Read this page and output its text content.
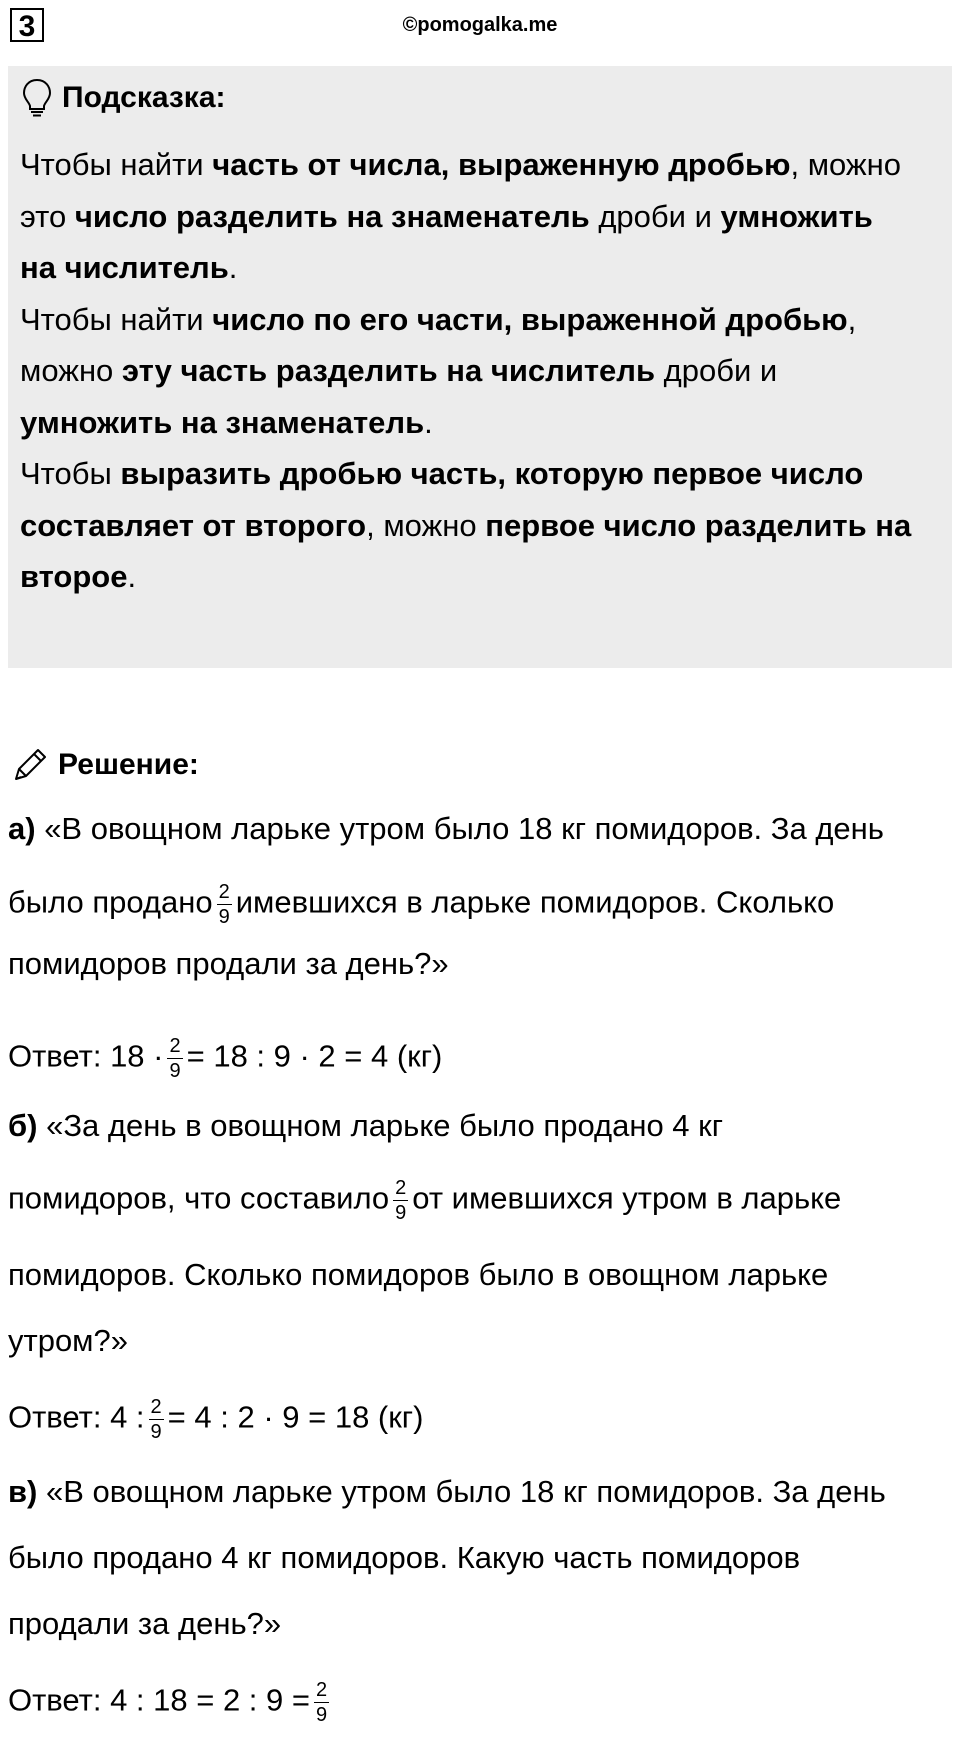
3	©pomogalka.me
Подсказка:
Чтобы найти часть от числа, выраженную дробью, можно
это число разделить на знаменатель дроби и умножить
на числитель.
Чтобы найти число по его части, выраженной дробью,
можно эту часть разделить на числитель дроби и
умножить на знаменатель.
Чтобы выразить дробью часть, которую первое число
составляет от второго, можно первое число разделить на
второе.
Решение:
а) «В овощном ларьке утром было 18 кг помидоров. За день
было продано $\frac{2}{9}$ имевшихся в ларьке помидоров. Сколько
помидоров продали за день?»
Ответ: $18 \cdot \frac{2}{9} = 18$ : 9 · 2 = 4 (кг)
б) «За день в овощном ларьке было продано 4 кг
помидоров, что составило $\frac{2}{9}$ от имевшихся утром в ларьке
помидоров. Сколько помидоров было в овощном ларьке
утром?»
Ответ: 4 : $\frac{2}{9} = 4$ : 2 · 9 = 18 (кг)
в) «В овощном ларьке утром было 18 кг помидоров. За день
было продано 4 кг помидоров. Какую часть помидоров
продали за день?»
Ответ: 4 : 18 = 2 : $9 = \frac{2}{9}$
